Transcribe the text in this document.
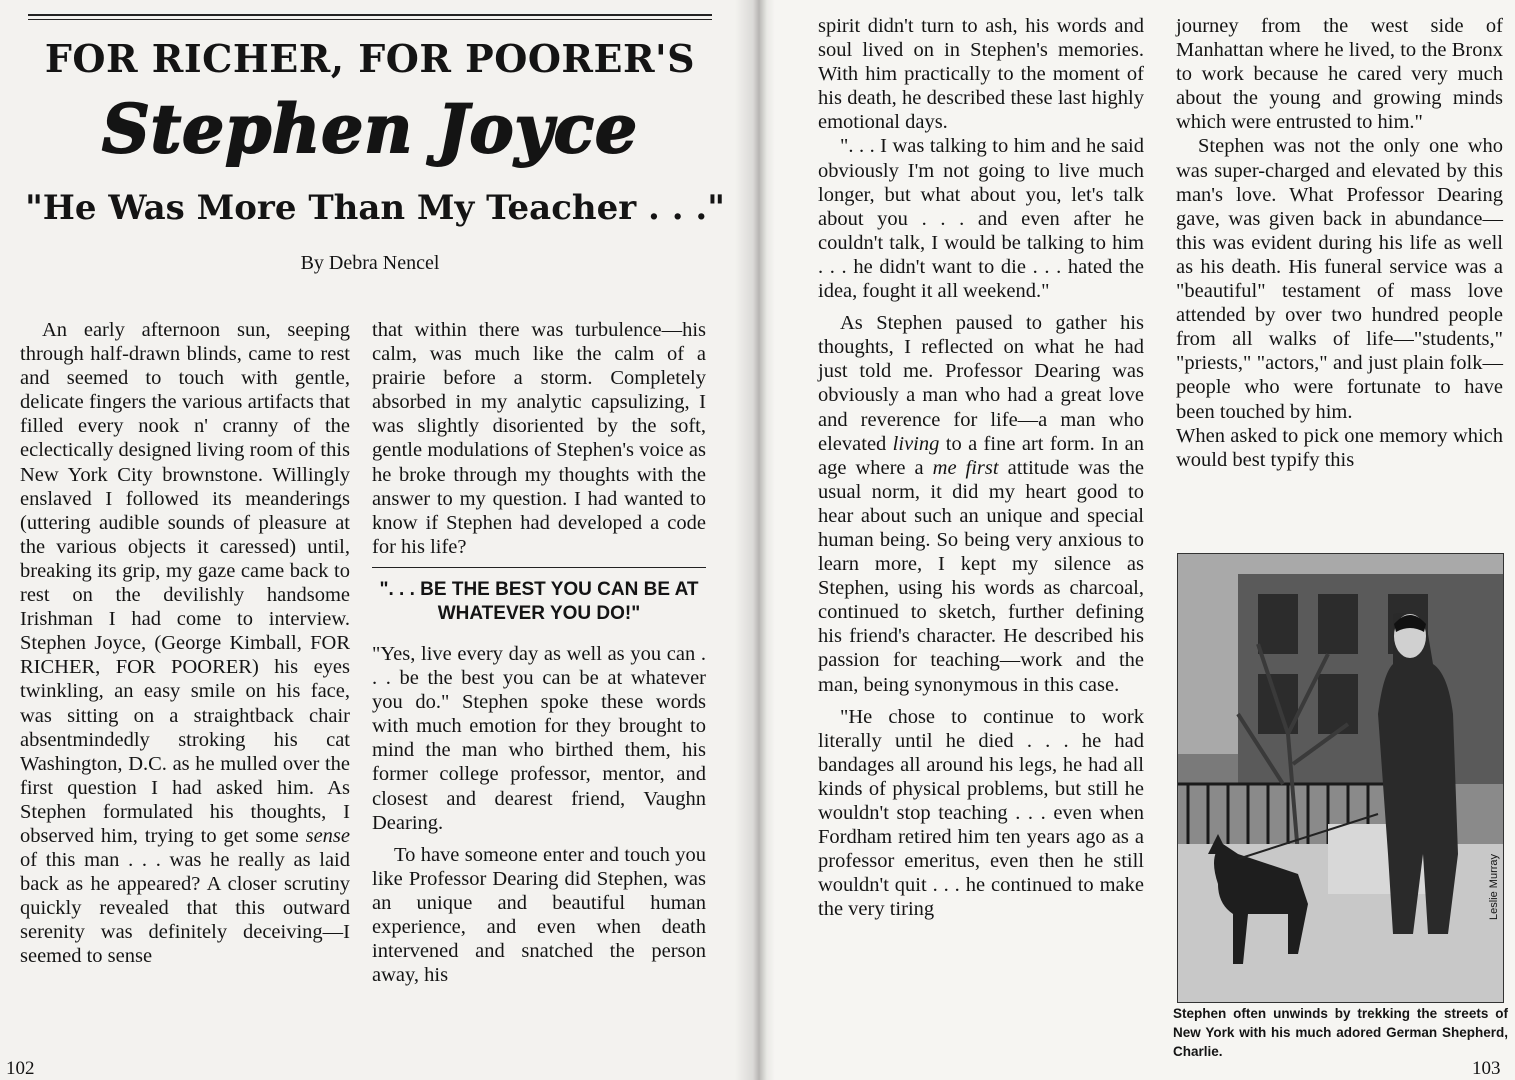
FOR RICHER, FOR POORER'S
Stephen Joyce
"He Was More Than My Teacher . . ."
By Debra Nencel

An early afternoon sun, seeping through half-drawn blinds, came to rest and seemed to touch with gentle, delicate fingers the various artifacts that filled every nook n' cranny of the eclectically designed living room of this New York City brownstone. Willingly enslaved I followed its meanderings (uttering audible sounds of pleasure at the various objects it caressed) until, breaking its grip, my gaze came back to rest on the devilishly handsome Irishman I had come to interview. Stephen Joyce, (George Kimball, FOR RICHER, FOR POORER) his eyes twinkling, an easy smile on his face, was sitting on a straightback chair absentmindedly stroking his cat Washington, D.C. as he mulled over the first question I had asked him. As Stephen formulated his thoughts, I observed him, trying to get some sense of this man . . . was he really as laid back as he appeared? A closer scrutiny quickly revealed that this outward serenity was definitely deceiving—I seemed to sense

that within there was turbulence—his calm, was much like the calm of a prairie before a storm. Completely absorbed in my analytic capsulizing, I was slightly disoriented by the soft, gentle modulations of Stephen's voice as he broke through my thoughts with the answer to my question. I had wanted to know if Stephen had developed a code for his life?

". . . BE THE BEST YOU CAN BE AT WHATEVER YOU DO!"

"Yes, live every day as well as you can . . . be the best you can be at whatever you do." Stephen spoke these words with much emotion for they brought to mind the man who birthed them, his former college professor, mentor, and closest and dearest friend, Vaughn Dearing.

To have someone enter and touch you like Professor Dearing did Stephen, was an unique and beautiful human experience, and even when death intervened and snatched the person away, his

102

spirit didn't turn to ash, his words and soul lived on in Stephen's memories. With him practically to the moment of his death, he described these last highly emotional days.

". . . I was talking to him and he said obviously I'm not going to live much longer, but what about you, let's talk about you . . . and even after he couldn't talk, I would be talking to him . . . he didn't want to die . . . hated the idea, fought it all weekend."

As Stephen paused to gather his thoughts, I reflected on what he had just told me. Professor Dearing was obviously a man who had a great love and reverence for life—a man who elevated living to a fine art form. In an age where a me first attitude was the usual norm, it did my heart good to hear about such an unique and special human being. So being very anxious to learn more, I kept my silence as Stephen, using his words as charcoal, continued to sketch, further defining his friend's character. He described his passion for teaching—work and the man, being synonymous in this case.

"He chose to continue to work literally until he died . . . he had bandages all around his legs, he had all kinds of physical problems, but still he wouldn't stop teaching . . . even when Fordham retired him ten years ago as a professor emeritus, even then he still wouldn't quit . . . he continued to make the very tiring

journey from the west side of Manhattan where he lived, to the Bronx to work because he cared very much about the young and growing minds which were entrusted to him."

Stephen was not the only one who was super-charged and elevated by this man's love. What Professor Dearing gave, was given back in abundance—this was evident during his life as well as his death. His funeral service was a "beautiful" testament of mass love attended by over two hundred people from all walks of life—"students," "priests," "actors," and just plain folk—people who were fortunate to have been touched by him.

When asked to pick one memory which would best typify this

Leslie Murray
Stephen often unwinds by trekking the streets of New York with his much adored German Shepherd, Charlie.
103
